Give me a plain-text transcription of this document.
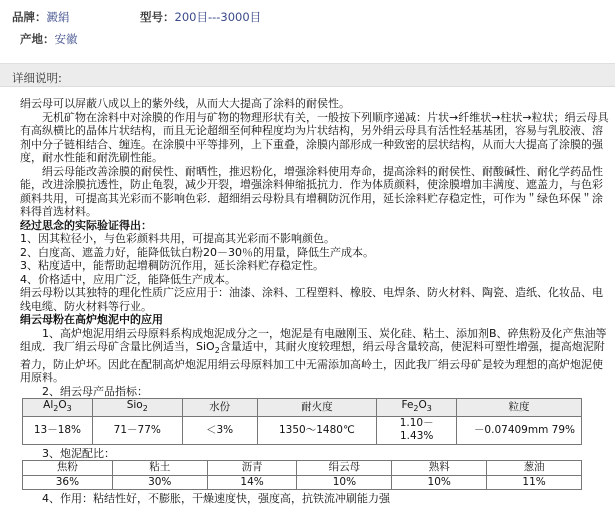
品牌：澱絹	型号：200目---3000目
产地：安徽
详细说明:

绢云母可以屏蔽八成以上的紫外线，从而大大提高了涂料的耐侯性。

无机矿物在涂料中对涂膜的作用与矿物的物理形状有关，一般按下列顺序递减：片状→纤维状→柱状→粒状；绢云母具有高纵横比的晶体片状结构，而且无论超细至何种程度均为片状结构，另外绢云母具有活性轻基基团，容易与乳胶液、溶剂中分子链相结合、缠连。在涂膜中平等排列，上下重叠，涂膜内部形成一种致密的层状结构，从而大大提高了涂膜的强度，耐水性能和耐洗刷性能。

绢云母能改善涂膜的耐侯性、耐晒性，推迟粉化，增强涂料使用寿命，提高涂料的耐侯性、耐酸碱性、耐化学药品性能，改进涂膜抗透性，防止龟裂，减少开裂，增强涂料伸缩抵抗力．作为体质颜料，使涂膜增加丰满度、遮盖力，与色彩颜料共用，可提高其光彩而不影响色彩．超细绢云母粉具有增稠防沉作用，延长涂料贮存稳定性，可作为＂绿色环保＂涂料得首选材料。

经过思念的实际验证得出：

1、因其粒径小，与色彩颜料共用，可提高其光彩而不影响颜色。

2、白度高、遮盖力好，能降低钛白粉20－30％的用量，降低生产成本。

3、粘度适中，能帮助起增稠防沉作用，延长涂料贮存稳定性。

4、价格适中，应用广泛，能降低生产成本。

绢云母粉以其独特的理化性质广泛应用于：油漆、涂料、工程塑料、橡胶、电焊条、防火材料、陶瓷、造纸、化妆品、电线电缆、防火材料等行业。

绢云母粉在高炉炮泥中的应用

1、高炉炮泥用绢云母原料系构成炮泥成分之一，炮泥是有电融刚玉、炭化硅、粘土、添加剂B、碎焦粉及化产焦油等组成．我厂绢云母矿含量比例适当，SiO$_2$含量适中，其耐火度较理想，绢云母含量较高，使泥料可塑性增强，提高炮泥附着力，防止炉坏。因此在配制高炉炮泥用绢云母原料加工中无需添加高岭土，因此我厂绢云母矿是较为理想的高炉炮泥使用原料。

2、绢云母产品指标：

$Al_2O_3$	Sio$_2$	水份	耐火度	$Fe_2O_3$	粒度
13－18%	71－77%	＜3%	1350～1480℃	1.10－
1.43%	－0.07409mm 79%

3、炮泥配比：

焦粉	粘土	沥青	绢云母	熟料	葱油
36%	30%	14%	10%	10%	11%

4、作用：粘结性好，不膨胀，干燥速度快，强度高，抗铁流冲刷能力强
